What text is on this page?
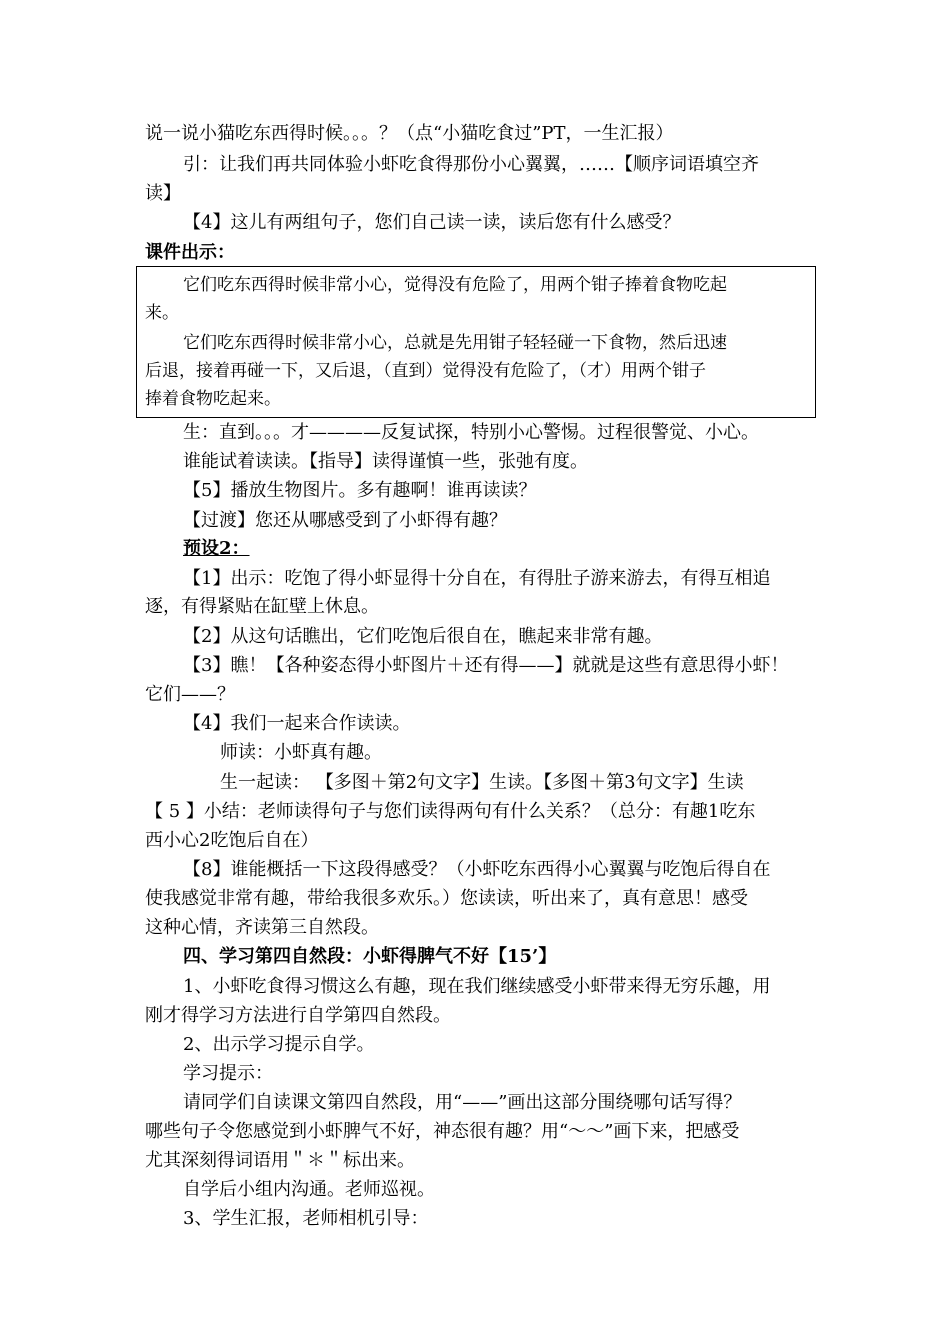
说一说小猫吃东西得时候。。。？（点“小猫吃食过”PT，一生汇报）
引：让我们再共同体验小虾吃食得那份小心翼翼，……【顺序词语填空齐
读】
【4】这儿有两组句子，您们自己读一读，读后您有什么感受？
课件出示：
它们吃东西得时候非常小心，觉得没有危险了，用两个钳子捧着食物吃起
来。
它们吃东西得时候非常小心，总就是先用钳子轻轻碰一下食物，然后迅速
后退，接着再碰一下，又后退，（直到）觉得没有危险了，（才）用两个钳子
捧着食物吃起来。
生：直到。。。才————反复试探，特别小心警惕。过程很警觉、小心。
谁能试着读读。【指导】读得谨慎一些，张弛有度。
【5】播放生物图片。多有趣啊！谁再读读？
【过渡】您还从哪感受到了小虾得有趣？
预设2：
【1】出示：吃饱了得小虾显得十分自在，有得肚子游来游去，有得互相追
逐，有得紧贴在缸壁上休息。
【2】从这句话瞧出，它们吃饱后很自在，瞧起来非常有趣。
【3】瞧！【各种姿态得小虾图片＋还有得——】就就是这些有意思得小虾！
它们——？
【4】我们一起来合作读读。
师读：小虾真有趣。
生一起读： 【多图＋第2句文字】生读。【多图＋第3句文字】生读
【 5 】小结：老师读得句子与您们读得两句有什么关系？（总分：有趣1吃东
西小心2吃饱后自在）
【8】谁能概括一下这段得感受？（小虾吃东西得小心翼翼与吃饱后得自在
使我感觉非常有趣，带给我很多欢乐。）您读读，听出来了，真有意思！感受
这种心情，齐读第三自然段。
四、学习第四自然段：小虾得脾气不好【15’】
1、小虾吃食得习惯这么有趣，现在我们继续感受小虾带来得无穷乐趣，用
刚才得学习方法进行自学第四自然段。
2、出示学习提示自学。
学习提示：
请同学们自读课文第四自然段，用“——”画出这部分围绕哪句话写得？
哪些句子令您感觉到小虾脾气不好，神态很有趣？用“～～”画下来，把感受
尤其深刻得词语用＂＊＂标出来。
自学后小组内沟通。老师巡视。
3、学生汇报，老师相机引导：
